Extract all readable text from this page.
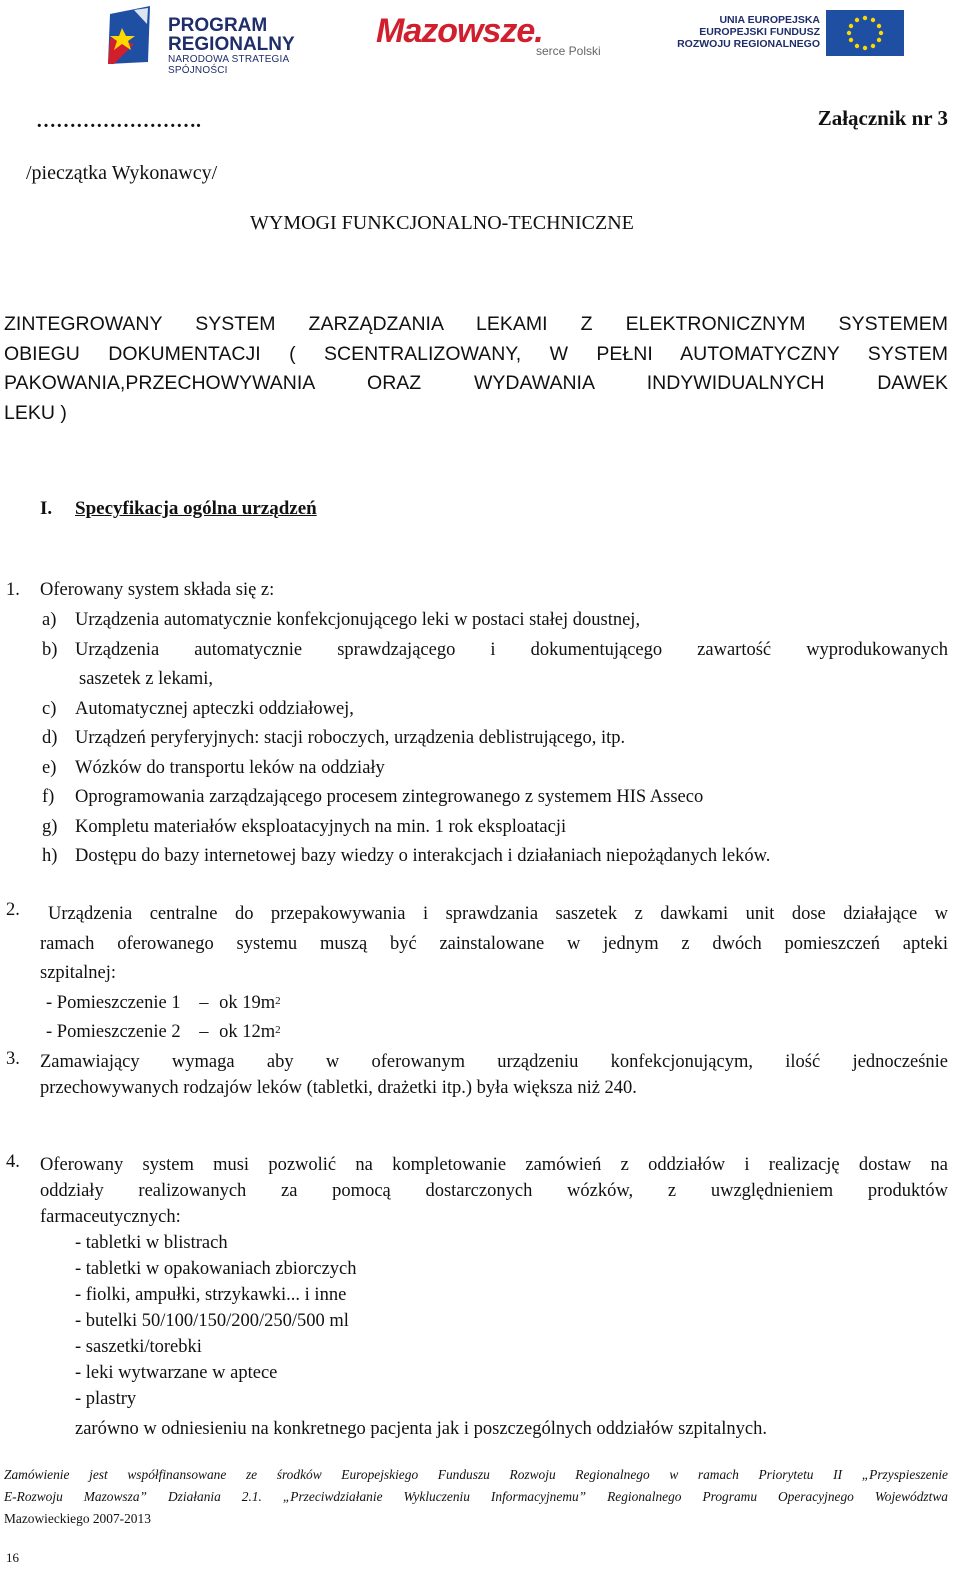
PROGRAM
REGIONALNY
NARODOWA STRATEGIA SPÓJNOŚCI
Mazowsze.
serce Polski
UNIA EUROPEJSKA
EUROPEJSKI FUNDUSZ
ROZWOJU REGIONALNEGO
Załącznik nr 3
…………………….
/pieczątka Wykonawcy/
WYMOGI FUNKCJONALNO-TECHNICZNE
ZINTEGROWANY SYSTEM ZARZĄDZANIA LEKAMI Z ELEKTRONICZNYM SYSTEMEM
OBIEGU DOKUMENTACJI ( SCENTRALIZOWANY, W PEŁNI AUTOMATYCZNY SYSTEM
PAKOWANIA,PRZECHOWYWANIA ORAZ WYDAWANIA INDYWIDUALNYCH DAWEK
LEKU )
I. Specyfikacja ogólna urządzeń
1. Oferowany system składa się z:
a)	Urządzenia automatycznie konfekcjonującego leki w postaci stałej doustnej,
b) Urządzenia automatycznie sprawdzającego i dokumentującego zawartość wyprodukowanych
saszetek z lekami,
c)	Automatycznej apteczki oddziałowej,
d) Urządzeń peryferyjnych: stacji roboczych, urządzenia deblistrującego, itp.
e)	Wózków do transportu leków na oddziały
f)	Oprogramowania zarządzającego procesem zintegrowanego z systemem HIS Asseco
g) Kompletu materiałów eksploatacyjnych na min. 1 rok eksploatacji
h) Dostępu do bazy internetowej bazy wiedzy o interakcjach i działaniach niepożądanych leków.
2.	Urządzenia centralne do przepakowywania i sprawdzania saszetek z dawkami unit dose działające w
ramach oferowanego systemu muszą być zainstalowane w jednym z dwóch pomieszczeń apteki
szpitalnej:
- Pomieszczenie 1 – ok $19m^2$
- Pomieszczenie 2 – ok $12m^2$
3. Zamawiający wymaga aby w oferowanym urządzeniu konfekcjonującym, ilość jednocześnie
przechowywanych rodzajów leków (tabletki, drażetki itp.) była większa niż 240.
4. Oferowany system musi pozwolić na kompletowanie zamówień z oddziałów i realizację dostaw na
oddziały realizowanych za pomocą dostarczonych wózków, z uwzględnieniem produktów
farmaceutycznych:
- tabletki w blistrach
- tabletki w opakowaniach zbiorczych
- fiolki, ampułki, strzykawki... i inne
- butelki 50/100/150/200/250/500 ml
- saszetki/torebki
- leki wytwarzane w aptece
- plastry
zarówno w odniesieniu na konkretnego pacjenta jak i poszczególnych oddziałów szpitalnych.
Zamówienie jest współfinansowane ze środków Europejskiego Funduszu Rozwoju Regionalnego w ramach Priorytetu II „Przyspieszenie
E-Rozwoju Mazowsza” Działania 2.1. „Przeciwdziałanie Wykluczeniu Informacyjnemu” Regionalnego Programu Operacyjnego Województwa
Mazowieckiego 2007-2013
16
